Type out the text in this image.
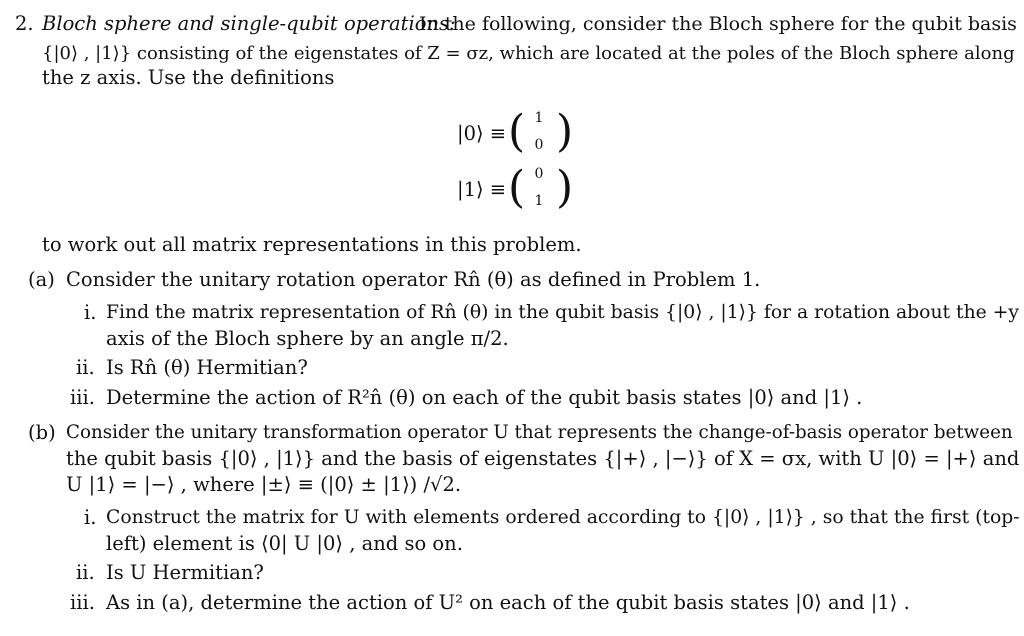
2. Bloch sphere and single-qubit operations:
In the following, consider the Bloch sphere for the qubit basis
{|0⟩ , |1⟩} consisting of the eigenstates of Z = σz, which are located at the poles of the Bloch sphere along
the z axis. Use the definitions
|0⟩ ≡ ( 1
0 )
|1⟩ ≡ ( 0
1 )
to work out all matrix representations in this problem.
(a) Consider the unitary rotation operator Rn̂ (θ) as defined in Problem 1.
i. Find the matrix representation of Rn̂ (θ) in the qubit basis {|0⟩ , |1⟩} for a rotation about the +y
axis of the Bloch sphere by an angle π/2.
ii. Is Rn̂ (θ) Hermitian?
iii. Determine the action of R²n̂ (θ) on each of the qubit basis states |0⟩ and |1⟩ .
(b) Consider the unitary transformation operator U that represents the change-of-basis operator between
the qubit basis {|0⟩ , |1⟩} and the basis of eigenstates {|+⟩ , |−⟩} of X = σx, with U |0⟩ = |+⟩ and
U |1⟩ = |−⟩ , where |±⟩ ≡ (|0⟩ ± |1⟩) /√2.
i. Construct the matrix for U with elements ordered according to {|0⟩ , |1⟩} , so that the first (top-
left) element is ⟨0| U |0⟩ , and so on.
ii. Is U Hermitian?
iii. As in (a), determine the action of U² on each of the qubit basis states |0⟩ and |1⟩ .
